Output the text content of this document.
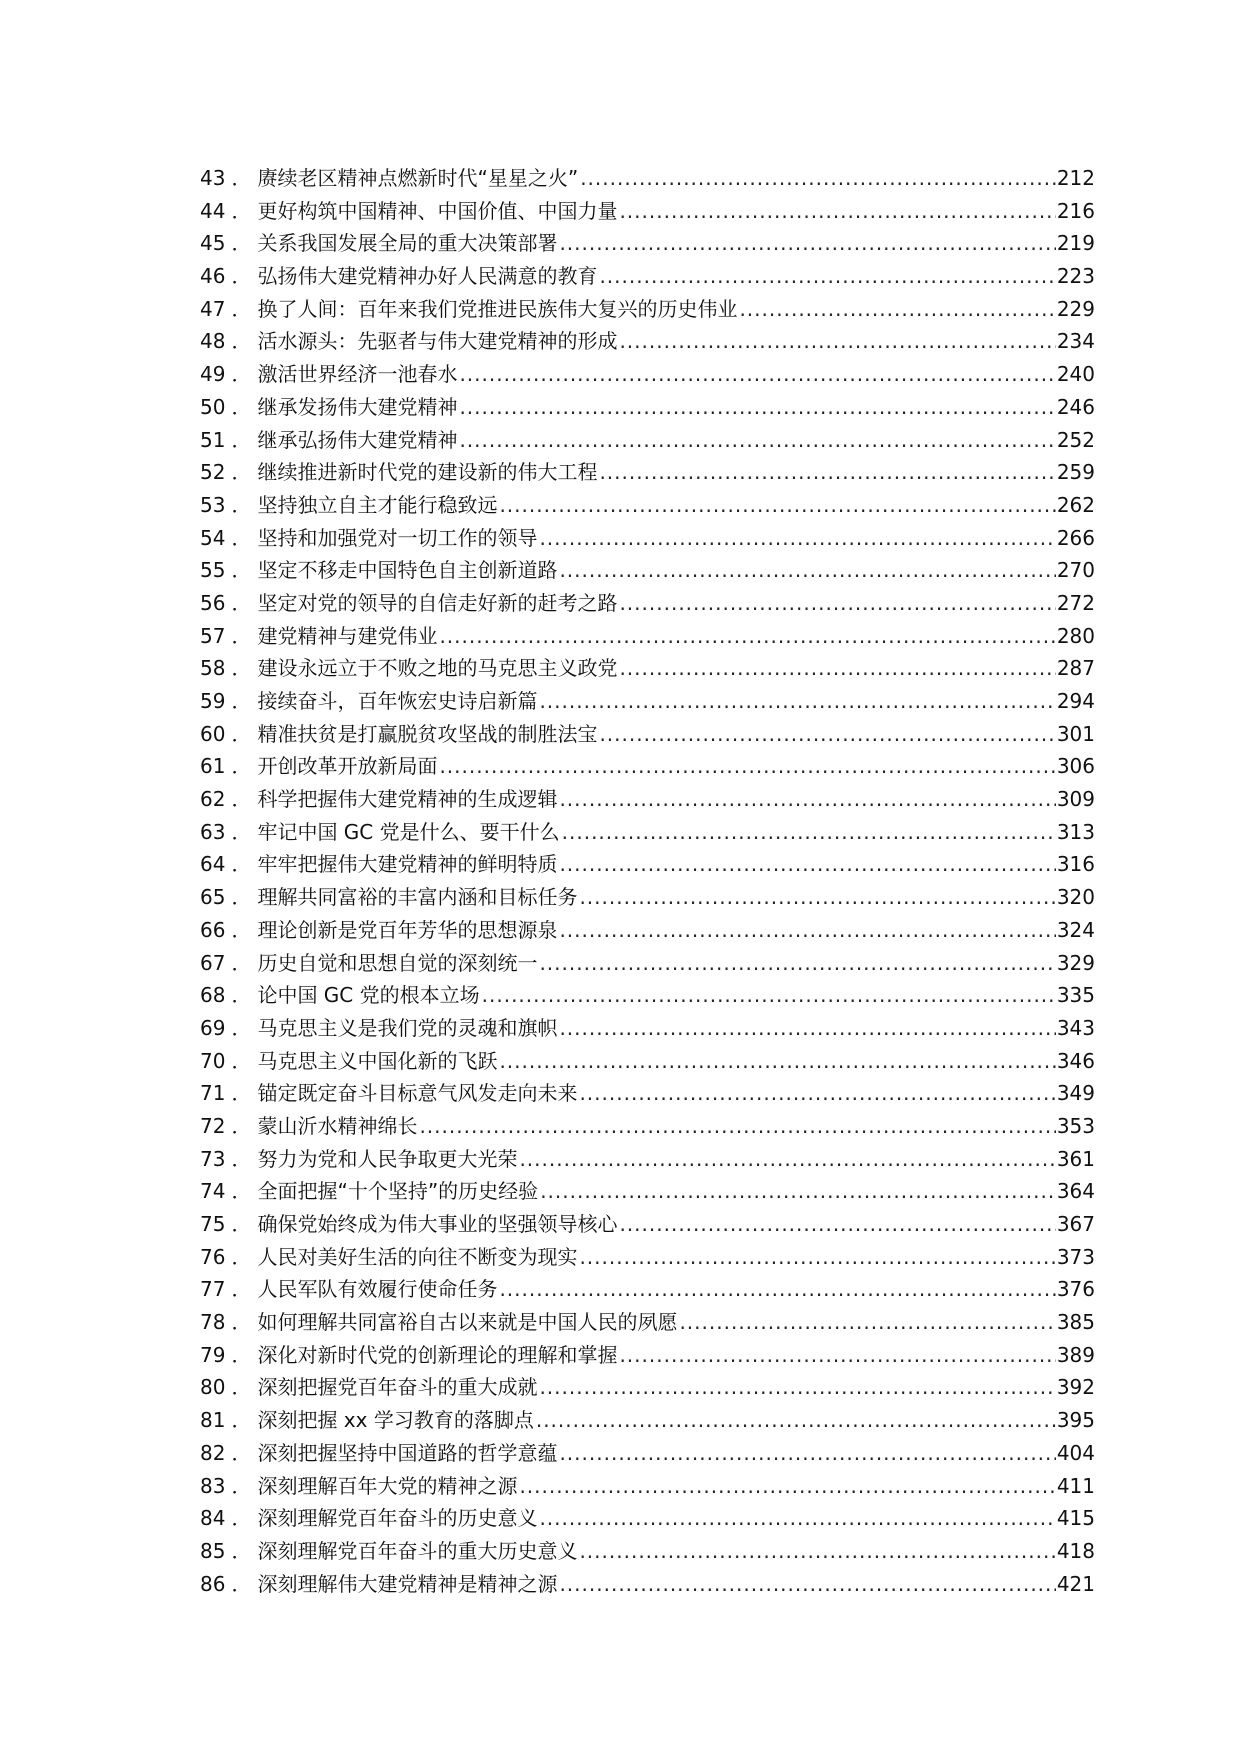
43 ． 赓续老区精神点燃新时代“星星之火” .....	212
44 ． 更好构筑中国精神、中国价值、中国力量 .....	216
45 ． 关系我国发展全局的重大决策部署 .....	219
46 ． 弘扬伟大建党精神办好人民满意的教育 .....	223
47 ． 换了人间：百年来我们党推进民族伟大复兴的历史伟业 .....	229
48 ． 活水源头：先驱者与伟大建党精神的形成 .....	234
49 ． 激活世界经济一池春水 .....	240
50 ． 继承发扬伟大建党精神 .....	246
51 ． 继承弘扬伟大建党精神 .....	252
52 ． 继续推进新时代党的建设新的伟大工程 .....	259
53 ． 坚持独立自主才能行稳致远 .....	262
54 ． 坚持和加强党对一切工作的领导 .....	266
55 ． 坚定不移走中国特色自主创新道路 .....	270
56 ． 坚定对党的领导的自信走好新的赶考之路 .....	272
57 ． 建党精神与建党伟业 .....	280
58 ． 建设永远立于不败之地的马克思主义政党 .....	287
59 ． 接续奋斗，百年恢宏史诗启新篇 .....	294
60 ． 精准扶贫是打赢脱贫攻坚战的制胜法宝 .....	301
61 ． 开创改革开放新局面 .....	306
62 ． 科学把握伟大建党精神的生成逻辑 .....	309
63 ． 牢记中国 GC 党是什么、要干什么 .....	313
64 ． 牢牢把握伟大建党精神的鲜明特质 .....	316
65 ． 理解共同富裕的丰富内涵和目标任务 .....	320
66 ． 理论创新是党百年芳华的思想源泉 .....	324
67 ． 历史自觉和思想自觉的深刻统一 .....	329
68 ． 论中国 GC 党的根本立场 .....	335
69 ． 马克思主义是我们党的灵魂和旗帜 .....	343
70 ． 马克思主义中国化新的飞跃 .....	346
71 ． 锚定既定奋斗目标意气风发走向未来 .....	349
72 ． 蒙山沂水精神绵长 .....	353
73 ． 努力为党和人民争取更大光荣 .....	361
74 ． 全面把握“十个坚持”的历史经验 .....	364
75 ． 确保党始终成为伟大事业的坚强领导核心 .....	367
76 ． 人民对美好生活的向往不断变为现实 .....	373
77 ． 人民军队有效履行使命任务 .....	376
78 ． 如何理解共同富裕自古以来就是中国人民的夙愿 .....	385
79 ． 深化对新时代党的创新理论的理解和掌握 .....	389
80 ． 深刻把握党百年奋斗的重大成就 .....	392
81 ． 深刻把握 xx 学习教育的落脚点 .....	395
82 ． 深刻把握坚持中国道路的哲学意蕴 .....	404
83 ． 深刻理解百年大党的精神之源 .....	411
84 ． 深刻理解党百年奋斗的历史意义 .....	415
85 ． 深刻理解党百年奋斗的重大历史意义 .....	418
86 ． 深刻理解伟大建党精神是精神之源 .....	421
